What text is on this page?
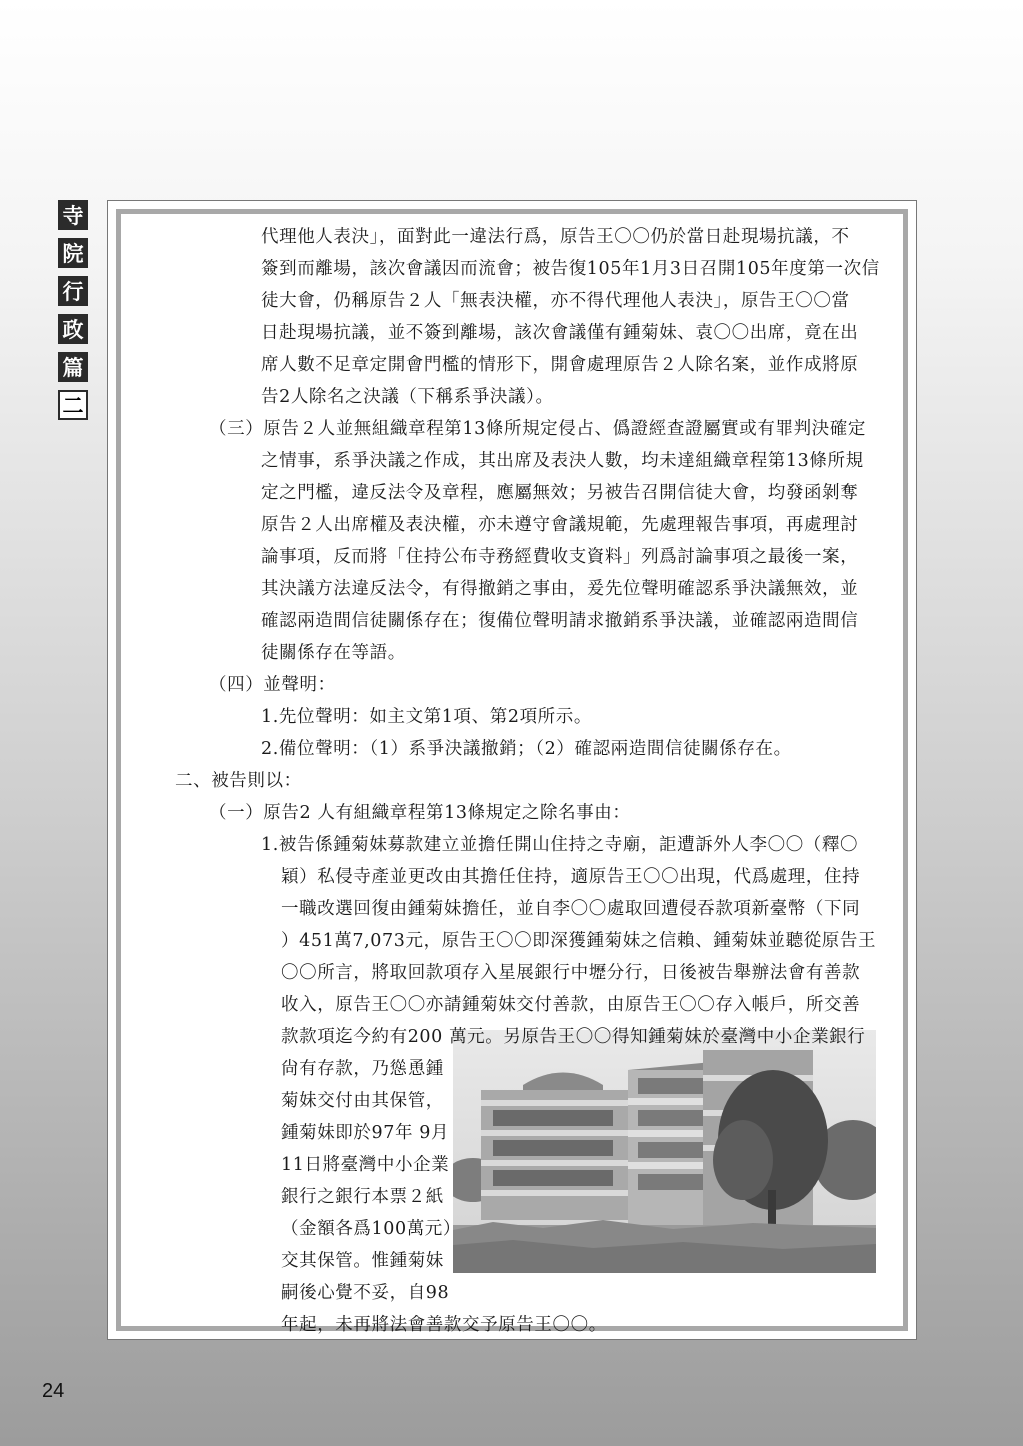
寺
院
行
政
篇
二
代理他人表決」，面對此一違法行爲，原告王〇〇仍於當日赴現場抗議，不
簽到而離場，該次會議因而流會；被告復105年1月3日召開105年度第一次信
徒大會，仍稱原告２人「無表決權，亦不得代理他人表決」，原告王〇〇當
日赴現場抗議，並不簽到離場，該次會議僅有鍾菊妹、袁〇〇出席，竟在出
席人數不足章定開會門檻的情形下，開會處理原告２人除名案，並作成將原
告2人除名之決議（下稱系爭決議）。
（三）原告２人並無組織章程第13條所規定侵占、僞證經查證屬實或有罪判決確定
之情事，系爭決議之作成，其出席及表決人數，均未達組織章程第13條所規
定之門檻，違反法令及章程，應屬無效；另被告召開信徒大會，均發函剝奪
原告２人出席權及表決權，亦未遵守會議規範，先處理報告事項，再處理討
論事項，反而將「住持公布寺務經費收支資料」列爲討論事項之最後一案，
其決議方法違反法令，有得撤銷之事由，爰先位聲明確認系爭決議無效，並
確認兩造間信徒關係存在；復備位聲明請求撤銷系爭決議，並確認兩造間信
徒關係存在等語。
（四）並聲明：
1.先位聲明：如主文第1項、第2項所示。
2.備位聲明：（1）系爭決議撤銷；（2）確認兩造間信徒關係存在。
二、被告則以：
（一）原告2 人有組織章程第13條規定之除名事由：
1.被告係鍾菊妹募款建立並擔任開山住持之寺廟，詎遭訴外人李〇〇（釋〇
穎）私侵寺產並更改由其擔任住持，適原告王〇〇出現，代爲處理，住持
一職改選回復由鍾菊妹擔任，並自李〇〇處取回遭侵吞款項新臺幣（下同
）451萬7,073元，原告王〇〇即深獲鍾菊妹之信賴、鍾菊妹並聽從原告王
〇〇所言，將取回款項存入星展銀行中壢分行，日後被告舉辦法會有善款
收入，原告王〇〇亦請鍾菊妹交付善款，由原告王〇〇存入帳戶，所交善
款款項迄今約有200 萬元。另原告王〇〇得知鍾菊妹於臺灣中小企業銀行
尙有存款，乃慫恿鍾
菊妹交付由其保管，
鍾菊妹即於97年 9月
11日將臺灣中小企業
銀行之銀行本票２紙
（金額各爲100萬元）
交其保管。惟鍾菊妹
嗣後心覺不妥，自98
年起，未再將法會善款交予原告王〇〇。
24
